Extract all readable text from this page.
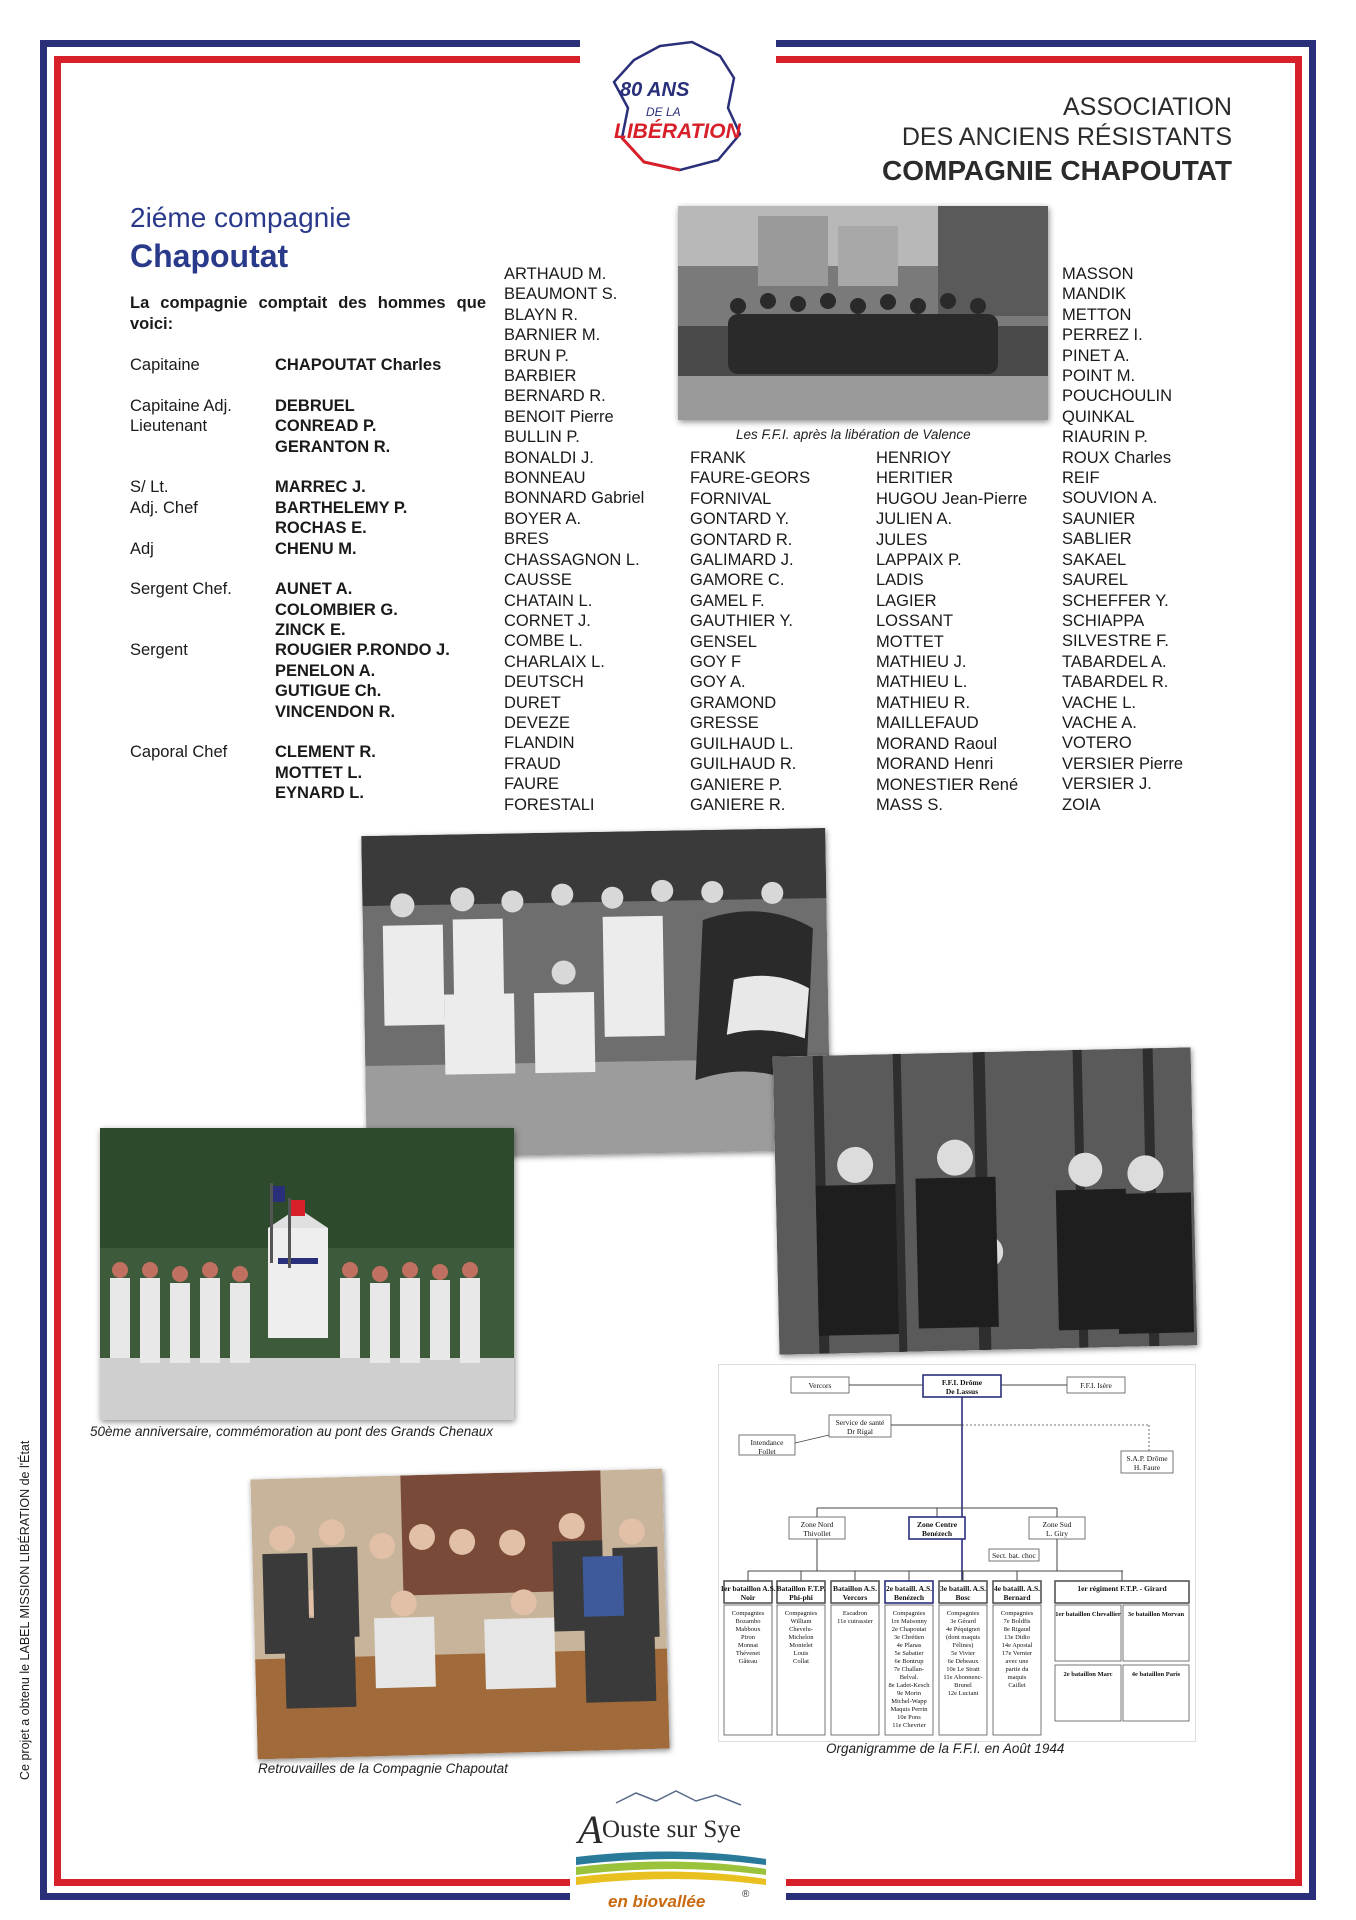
80 ANS
DE LA
LIBÉRATION
ASSOCIATION
DES ANCIENS RÉSISTANTS
COMPAGNIE CHAPOUTAT
2iéme compagnie
Chapoutat
La compagnie comptait des hommes que voici:
Capitaine	CHAPOUTAT Charles
Capitaine Adj.	DEBRUEL
Lieutenant	CONREAD P.
GERANTON R.
S/ Lt.	MARREC J.
Adj. Chef	BARTHELEMY P.
ROCHAS E.
Adj	CHENU M.
Sergent Chef.	AUNET A.
COLOMBIER G.
ZINCK E.
Sergent	ROUGIER P.RONDO J.
PENELON A.
GUTIGUE Ch.
VINCENDON R.
Caporal Chef	CLEMENT R.
MOTTET L.
EYNARD L.
ARTHAUD M.
BEAUMONT S.
BLAYN R.
BARNIER M.
BRUN P.
BARBIER
BERNARD R.
BENOIT Pierre
BULLIN P.
BONALDI J.
BONNEAU
BONNARD Gabriel
BOYER A.
BRES
CHASSAGNON L.
CAUSSE
CHATAIN L.
CORNET J.
COMBE L.
CHARLAIX L.
DEUTSCH
DURET
DEVEZE
FLANDIN
FRAUD
FAURE
FORESTALI
FRANK
FAURE-GEORS
FORNIVAL
GONTARD Y.
GONTARD R.
GALIMARD J.
GAMORE C.
GAMEL F.
GAUTHIER Y.
GENSEL
GOY F
GOY A.
GRAMOND
GRESSE
GUILHAUD L.
GUILHAUD R.
GANIERE P.
GANIERE R.
HENRIOY
HERITIER
HUGOU Jean-Pierre
JULIEN A.
JULES
LAPPAIX P.
LADIS
LAGIER
LOSSANT
MOTTET
MATHIEU J.
MATHIEU L.
MATHIEU R.
MAILLEFAUD
MORAND Raoul
MORAND Henri
MONESTIER René
MASS S.
MASSON
MANDIK
METTON
PERREZ I.
PINET A.
POINT M.
POUCHOULIN
QUINKAL
RIAURIN P.
ROUX Charles
REIF
SOUVION A.
SAUNIER
SABLIER
SAKAEL
SAUREL
SCHEFFER Y.
SCHIAPPA
SILVESTRE F.
TABARDEL A.
TABARDEL R.
VACHE L.
VACHE A.
VOTERO
VERSIER Pierre
VERSIER J.
ZOIA
Les F.F.I. après la libération de Valence
50ème anniversaire, commémoration au pont des Grands Chenaux
Retrouvailles de la Compagnie Chapoutat
F.F.I. Drôme
De Lassus
Vercors	F.F.I. Isère
Service de santé
Dr Rigal
Intendance
Follet
S.A.P. Drôme
H. Faure
Zone Nord
Thivollet
Zone Centre
Benézech
Zone Sud
L. Giry
Sect. bat. choc
1er bataillon A.S.
Noir
Compagnies
Bozambo
Mabboux
Piron
Monnat
Thévenet
Gâteau
Bataillon F.T.P.
Phi-phi
Compagnies
William
Chevelu-
Michelon
Montelet
Louis
Collat
Bataillon A.S.
Vercors
Escadron
11e cuirassier
2e bataill. A.S.
Benézech
Compagnies
1re Maisonny
2e Chapoutat
3e Chrétien
4e Planas
5e Sabatier
6e Bontrup
7e Challan-
Belval.
8e Ladet-Kesch
9e Morin
Michel-Wapp
Maquis Perrin
10e Pons
11e Chevrier
3e bataill. A.S.
Bosc
Compagnies
3e Gérard
4e Péquignot
(dont maquis
Félines)
5e Vivier
6e Debeaux
10e Le Stratt
11e Abonnenc-
Brunel
12e Luciani
4e bataill. A.S.
Bernard
Compagnies
7e Boldfis
8e Rigaud
13e Didio
14e Apostal
17e Vernier
avec une
partie du
maquis
Caillet
1er régiment F.T.P. - Girard
1er bataillon Chevallier 3e bataillon Morvan
2e bataillon Marc	4e bataillon Paris
Organigramme de la F.F.I. en Août 1944
Ce projet a obtenu le LABEL MISSION LIBÉRATION de l'État
A Ouste sur Sye
en biovallée	®
